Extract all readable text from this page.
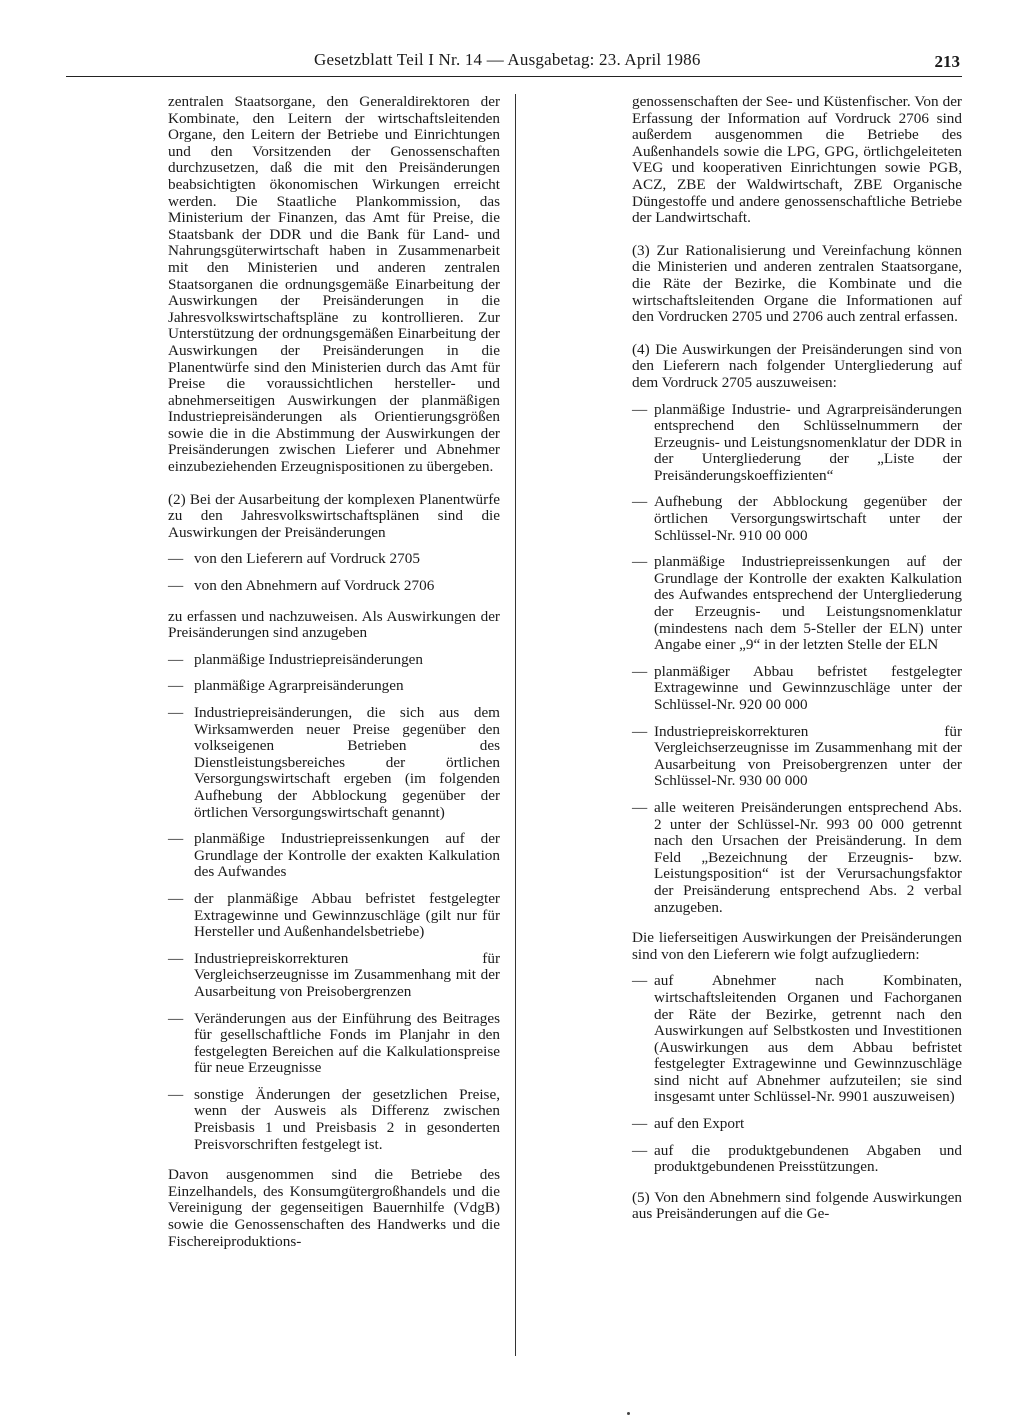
Gesetzblatt Teil I Nr. 14 — Ausgabetag: 23. April 1986	213

zentralen Staatsorgane, den Generaldirektoren der Kombinate, den Leitern der wirtschaftsleitenden Organe, den Leitern der Betriebe und Einrichtungen und den Vorsitzenden der Genossenschaften durchzusetzen, daß die mit den Preisänderungen beabsichtigten ökonomischen Wirkungen erreicht werden. Die Staatliche Plankommission, das Ministerium der Finanzen, das Amt für Preise, die Staatsbank der DDR und die Bank für Land- und Nahrungsgüterwirtschaft haben in Zusammenarbeit mit den Ministerien und anderen zentralen Staatsorganen die ordnungsgemäße Einarbeitung der Auswirkungen der Preisänderungen in die Jahresvolkswirtschaftspläne zu kontrollieren. Zur Unterstützung der ordnungsgemäßen Einarbeitung der Auswirkungen der Preisänderungen in die Planentwürfe sind den Ministerien durch das Amt für Preise die voraussichtlichen hersteller- und abnehmerseitigen Auswirkungen der planmäßigen Industriepreisänderungen als Orientierungsgrößen sowie die in die Abstimmung der Auswirkungen der Preisänderungen zwischen Lieferer und Abnehmer einzubeziehenden Erzeugnispositionen zu übergeben.

(2) Bei der Ausarbeitung der komplexen Planentwürfe zu den Jahresvolkswirtschaftsplänen sind die Auswirkungen der Preisänderungen

— von den Lieferern auf Vordruck 2705
— von den Abnehmern auf Vordruck 2706

zu erfassen und nachzuweisen. Als Auswirkungen der Preisänderungen sind anzugeben

— planmäßige Industriepreisänderungen
— planmäßige Agrarpreisänderungen
— Industriepreisänderungen, die sich aus dem Wirksamwerden neuer Preise gegenüber den volkseigenen Betrieben des Dienstleistungsbereiches der örtlichen Versorgungswirtschaft ergeben (im folgenden Aufhebung der Abblockung gegenüber der örtlichen Versorgungswirtschaft genannt)
— planmäßige Industriepreissenkungen auf der Grundlage der Kontrolle der exakten Kalkulation des Aufwandes
— der planmäßige Abbau befristet festgelegter Extragewinne und Gewinnzuschläge (gilt nur für Hersteller und Außenhandelsbetriebe)
— Industriepreiskorrekturen für Vergleichserzeugnisse im Zusammenhang mit der Ausarbeitung von Preisobergrenzen
— Veränderungen aus der Einführung des Beitrages für gesellschaftliche Fonds im Planjahr in den festgelegten Bereichen auf die Kalkulationspreise für neue Erzeugnisse
— sonstige Änderungen der gesetzlichen Preise, wenn der Ausweis als Differenz zwischen Preisbasis 1 und Preisbasis 2 in gesonderten Preisvorschriften festgelegt ist.

Davon ausgenommen sind die Betriebe des Einzelhandels, des Konsumgütergroßhandels und die Vereinigung der gegenseitigen Bauernhilfe (VdgB) sowie die Genossenschaften des Handwerks und die Fischereiproduktions-

genossenschaften der See- und Küstenfischer. Von der Erfassung der Information auf Vordruck 2706 sind außerdem ausgenommen die Betriebe des Außenhandels sowie die LPG, GPG, örtlichgeleiteten VEG und kooperativen Einrichtungen sowie PGB, ACZ, ZBE der Waldwirtschaft, ZBE Organische Düngestoffe und andere genossenschaftliche Betriebe der Landwirtschaft.

(3) Zur Rationalisierung und Vereinfachung können die Ministerien und anderen zentralen Staatsorgane, die Räte der Bezirke, die Kombinate und die wirtschaftsleitenden Organe die Informationen auf den Vordrucken 2705 und 2706 auch zentral erfassen.

(4) Die Auswirkungen der Preisänderungen sind von den Lieferern nach folgender Untergliederung auf dem Vordruck 2705 auszuweisen:

— planmäßige Industrie- und Agrarpreisänderungen entsprechend den Schlüsselnummern der Erzeugnis- und Leistungsnomenklatur der DDR in der Untergliederung der „Liste der Preisänderungskoeffizienten“
— Aufhebung der Abblockung gegenüber der örtlichen Versorgungswirtschaft unter der Schlüssel-Nr. 910 00 000
— planmäßige Industriepreissenkungen auf der Grundlage der Kontrolle der exakten Kalkulation des Aufwandes entsprechend der Untergliederung der Erzeugnis- und Leistungsnomenklatur (mindestens nach dem 5-Steller der ELN) unter Angabe einer „9“ in der letzten Stelle der ELN
— planmäßiger Abbau befristet festgelegter Extragewinne und Gewinnzuschläge unter der Schlüssel-Nr. 920 00 000
— Industriepreiskorrekturen für Vergleichserzeugnisse im Zusammenhang mit der Ausarbeitung von Preisobergrenzen unter der Schlüssel-Nr. 930 00 000
— alle weiteren Preisänderungen entsprechend Abs. 2 unter der Schlüssel-Nr. 993 00 000 getrennt nach den Ursachen der Preisänderung. In dem Feld „Bezeichnung der Erzeugnis- bzw. Leistungsposition“ ist der Verursachungsfaktor der Preisänderung entsprechend Abs. 2 verbal anzugeben.

Die lieferseitigen Auswirkungen der Preisänderungen sind von den Lieferern wie folgt aufzugliedern:

— auf Abnehmer nach Kombinaten, wirtschaftsleitenden Organen und Fachorganen der Räte der Bezirke, getrennt nach den Auswirkungen auf Selbstkosten und Investitionen (Auswirkungen aus dem Abbau befristet festgelegter Extragewinne und Gewinnzuschläge sind nicht auf Abnehmer aufzuteilen; sie sind insgesamt unter Schlüssel-Nr. 9901 auszuweisen)
— auf den Export
— auf die produktgebundenen Abgaben und produktgebundenen Preisstützungen.

(5) Von den Abnehmern sind folgende Auswirkungen aus Preisänderungen auf die Ge-
